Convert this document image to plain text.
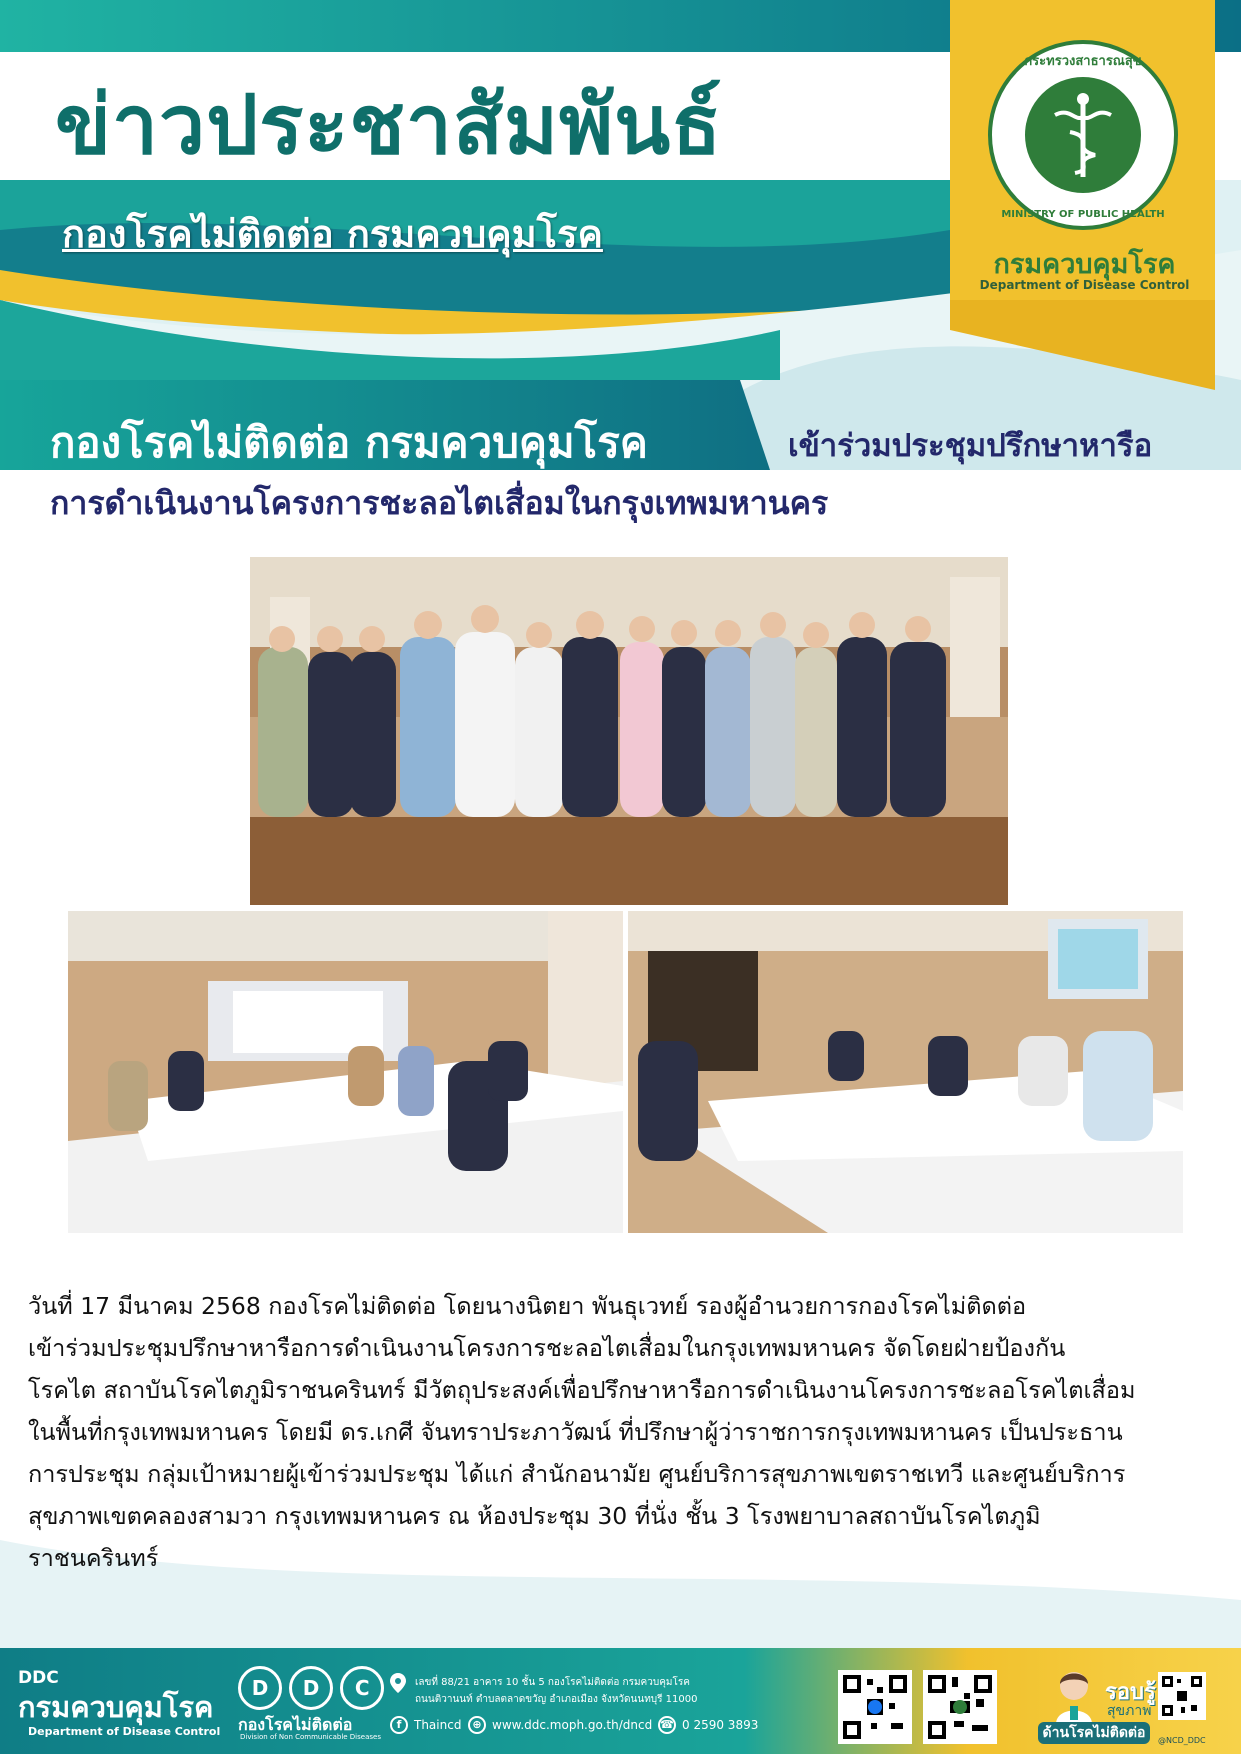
ข่าวประชาสัมพันธ์
กองโรคไม่ติดต่อ กรมควบคุมโรค
กระทรวงสาธารณสุข
MINISTRY OF PUBLIC HEALTH
กรมควบคุมโรค
Department of Disease Control
กองโรคไม่ติดต่อ กรมควบคุมโรค	เข้าร่วมประชุมปรึกษาหารือ
การดำเนินงานโครงการชะลอไตเสื่อมในกรุงเทพมหานคร
วันที่ 17 มีนาคม 2568 กองโรคไม่ติดต่อ โดยนางนิตยา พันธุเวทย์ รองผู้อำนวยการกองโรคไม่ติดต่อ
เข้าร่วมประชุมปรึกษาหารือการดำเนินงานโครงการชะลอไตเสื่อมในกรุงเทพมหานคร จัดโดยฝ่ายป้องกัน
โรคไต สถาบันโรคไตภูมิราชนครินทร์ มีวัตถุประสงค์เพื่อปรึกษาหารือการดำเนินงานโครงการชะลอโรคไตเสื่อม
ในพื้นที่กรุงเทพมหานคร โดยมี ดร.เกศี จันทราประภาวัฒน์ ที่ปรึกษาผู้ว่าราชการกรุงเทพมหานคร เป็นประธาน
การประชุม กลุ่มเป้าหมายผู้เข้าร่วมประชุม ได้แก่ สำนักอนามัย ศูนย์บริการสุขภาพเขตราชเทวี และศูนย์บริการ
สุขภาพเขตคลองสามวา กรุงเทพมหานคร ณ ห้องประชุม 30 ที่นั่ง ชั้น 3 โรงพยาบาลสถาบันโรคไตภูมิ
ราชนครินทร์
DDC
กรมควบคุมโรค
Department of Disease Control
D D C
กองโรคไม่ติดต่อ
Division of Non Communicable Diseases
เลขที่ 88/21 อาคาร 10 ชั้น 5 กองโรคไม่ติดต่อ กรมควบคุมโรค
ถนนติวานนท์ ตำบลตลาดขวัญ อำเภอเมือง จังหวัดนนทบุรี 11000
f	Thaincd ⊕ www.ddc.moph.go.th/dncd ☎ 0 2590 3893
รอบรู้
สุขภาพ
ด้านโรคไม่ติดต่อ	@NCD_DDC
